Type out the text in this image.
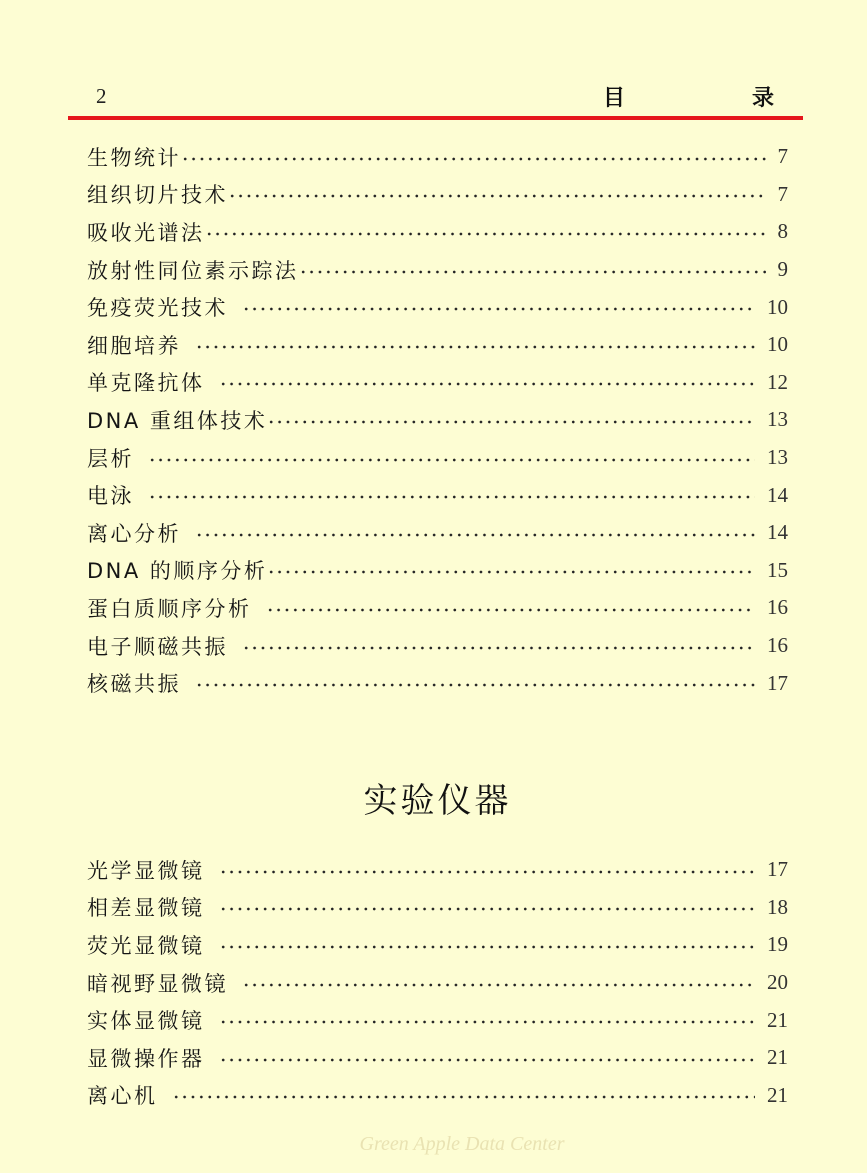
2	目	录
生物统计	7
组织切片技术	7
吸收光谱法	8
放射性同位素示踪法	9
免疫荧光技术	10
细胞培养	10
单克隆抗体	12
DNA 重组体技术	13
层析	13
电泳	14
离心分析	14
DNA 的顺序分析	15
蛋白质顺序分析	16
电子顺磁共振	16
核磁共振	17
实验仪器
光学显微镜	17
相差显微镜	18
荧光显微镜	19
暗视野显微镜	20
实体显微镜	21
显微操作器	21
离心机	21
Green Apple Data Center
